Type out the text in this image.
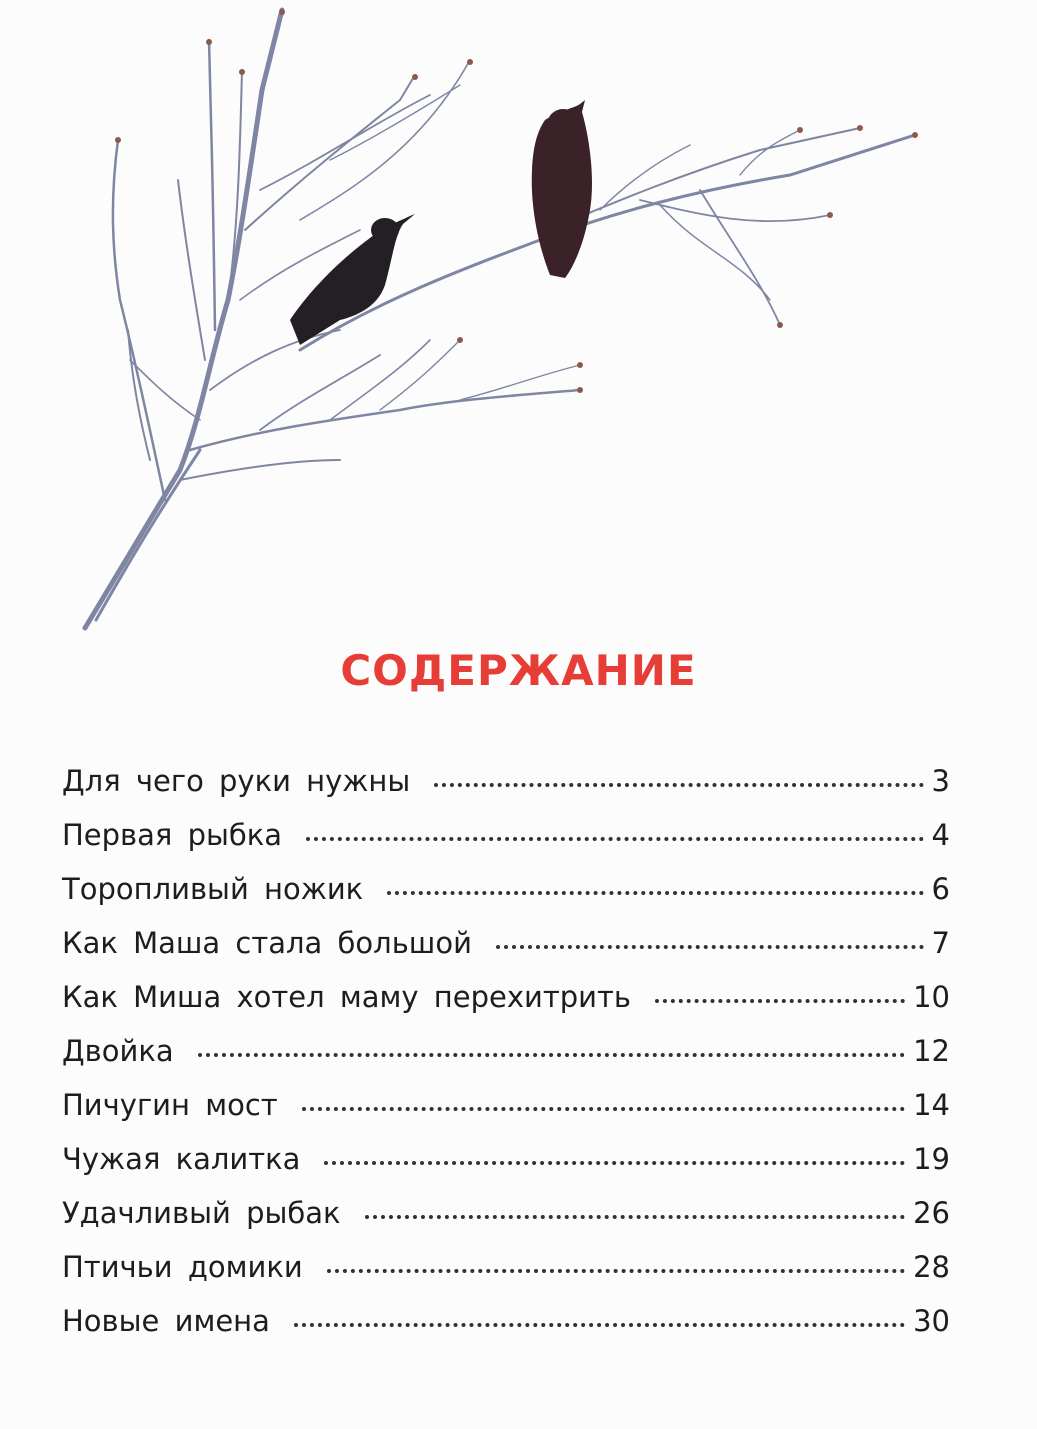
СОДЕРЖАНИЕ
Для чего руки нужны	3
Первая рыбка	4
Торопливый ножик	6
Как Маша стала большой	7
Как Миша хотел маму перехитрить	10
Двойка	12
Пичугин мост	14
Чужая калитка	19
Удачливый рыбак	26
Птичьи домики	28
Новые имена	30
